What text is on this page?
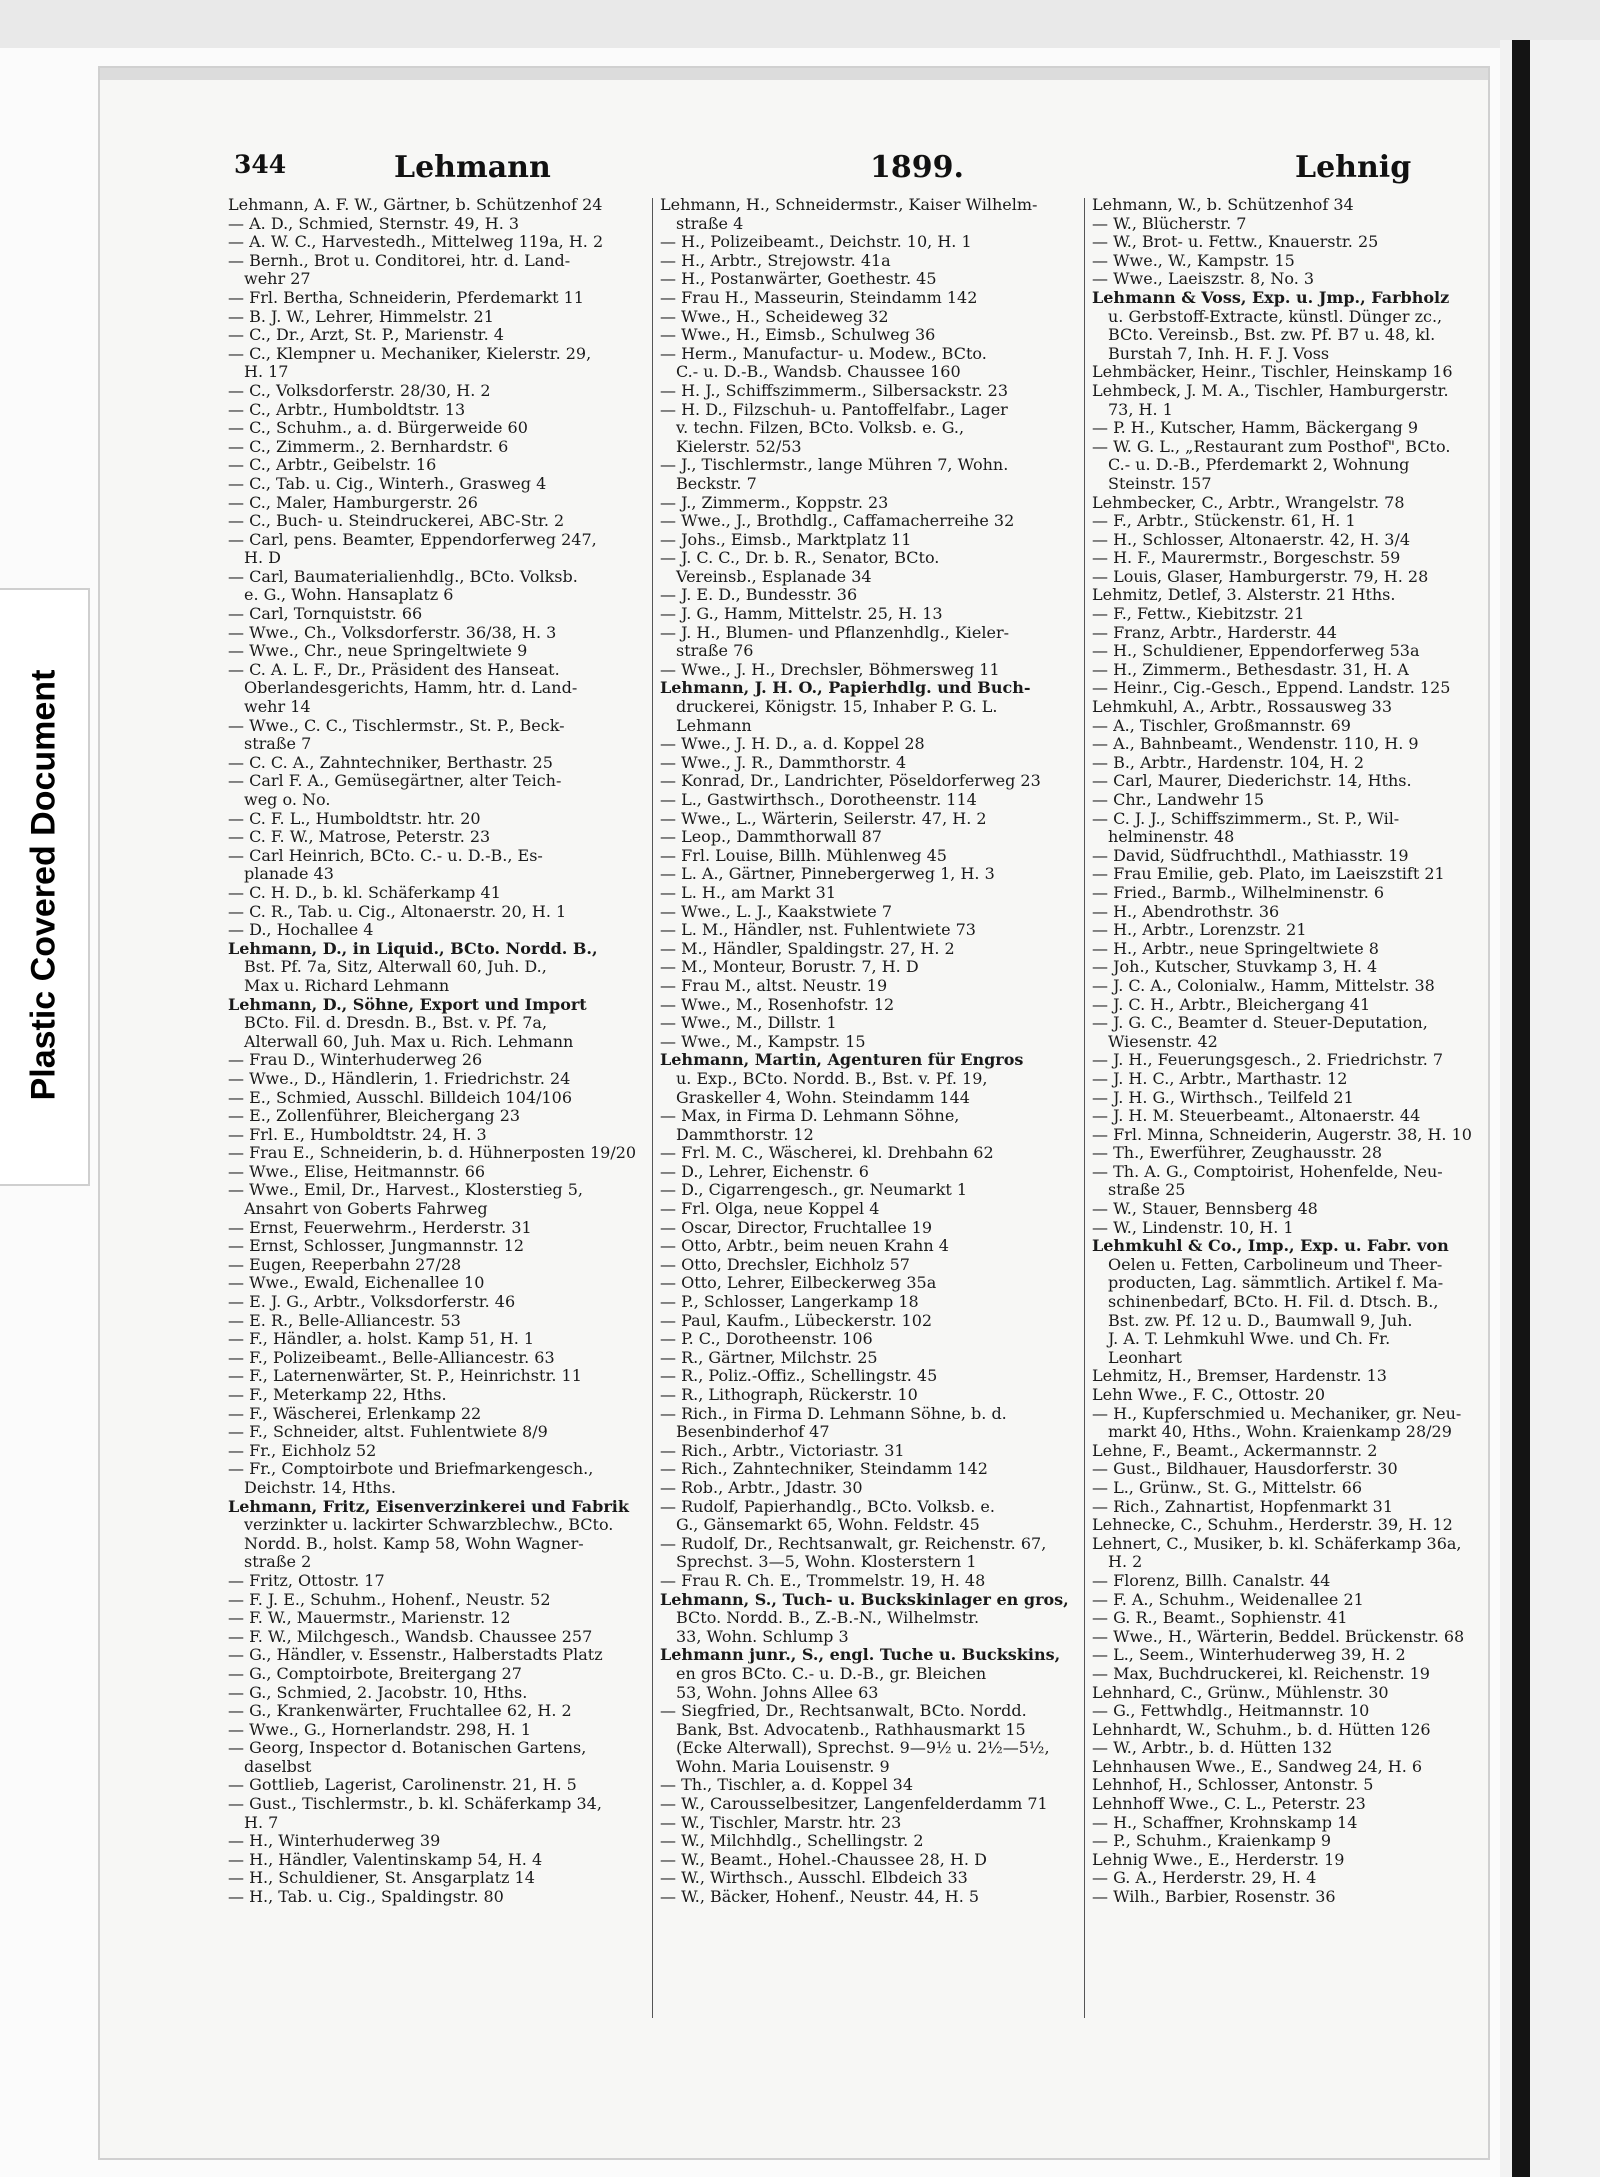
Plastic Covered Document
344	Lehmann	1899.	Lehnig
Lehmann, A. F. W., Gärtner, b. Schützenhof 24
— A. D., Schmied, Sternstr. 49, H. 3
— A. W. C., Harvestedh., Mittelweg 119a, H. 2
— Bernh., Brot u. Conditorei, htr. d. Land-
wehr 27
— Frl. Bertha, Schneiderin, Pferdemarkt 11
— B. J. W., Lehrer, Himmelstr. 21
— C., Dr., Arzt, St. P., Marienstr. 4
— C., Klempner u. Mechaniker, Kielerstr. 29,
H. 17
— C., Volksdorferstr. 28/30, H. 2
— C., Arbtr., Humboldtstr. 13
— C., Schuhm., a. d. Bürgerweide 60
— C., Zimmerm., 2. Bernhardstr. 6
— C., Arbtr., Geibelstr. 16
— C., Tab. u. Cig., Winterh., Grasweg 4
— C., Maler, Hamburgerstr. 26
— C., Buch- u. Steindruckerei, ABC-Str. 2
— Carl, pens. Beamter, Eppendorferweg 247,
H. D
— Carl, Baumaterialienhdlg., BCto. Volksb.
e. G., Wohn. Hansaplatz 6
— Carl, Tornquiststr. 66
— Wwe., Ch., Volksdorferstr. 36/38, H. 3
— Wwe., Chr., neue Springeltwiete 9
— C. A. L. F., Dr., Präsident des Hanseat.
Oberlandesgerichts, Hamm, htr. d. Land-
wehr 14
— Wwe., C. C., Tischlermstr., St. P., Beck-
straße 7
— C. C. A., Zahntechniker, Berthastr. 25
— Carl F. A., Gemüsegärtner, alter Teich-
weg o. No.
— C. F. L., Humboldtstr. htr. 20
— C. F. W., Matrose, Peterstr. 23
— Carl Heinrich, BCto. C.- u. D.-B., Es-
planade 43
— C. H. D., b. kl. Schäferkamp 41
— C. R., Tab. u. Cig., Altonaerstr. 20, H. 1
— D., Hochallee 4
Lehmann, D., in Liquid., BCto. Nordd. B.,
Bst. Pf. 7a, Sitz, Alterwall 60, Juh. D.,
Max u. Richard Lehmann
Lehmann, D., Söhne, Export und Import
BCto. Fil. d. Dresdn. B., Bst. v. Pf. 7a,
Alterwall 60, Juh. Max u. Rich. Lehmann
— Frau D., Winterhuderweg 26
— Wwe., D., Händlerin, 1. Friedrichstr. 24
— E., Schmied, Ausschl. Billdeich 104/106
— E., Zollenführer, Bleichergang 23
— Frl. E., Humboldtstr. 24, H. 3
— Frau E., Schneiderin, b. d. Hühnerposten 19/20
— Wwe., Elise, Heitmannstr. 66
— Wwe., Emil, Dr., Harvest., Klosterstieg 5,
Ansahrt von Goberts Fahrweg
— Ernst, Feuerwehrm., Herderstr. 31
— Ernst, Schlosser, Jungmannstr. 12
— Eugen, Reeperbahn 27/28
— Wwe., Ewald, Eichenallee 10
— E. J. G., Arbtr., Volksdorferstr. 46
— E. R., Belle-Alliancestr. 53
— F., Händler, a. holst. Kamp 51, H. 1
— F., Polizeibeamt., Belle-Alliancestr. 63
— F., Laternenwärter, St. P., Heinrichstr. 11
— F., Meterkamp 22, Hths.
— F., Wäscherei, Erlenkamp 22
— F., Schneider, altst. Fuhlentwiete 8/9
— Fr., Eichholz 52
— Fr., Comptoirbote und Briefmarkengesch.,
Deichstr. 14, Hths.
Lehmann, Fritz, Eisenverzinkerei und Fabrik
verzinkter u. lackirter Schwarzblechw., BCto.
Nordd. B., holst. Kamp 58, Wohn Wagner-
straße 2
— Fritz, Ottostr. 17
— F. J. E., Schuhm., Hohenf., Neustr. 52
— F. W., Mauermstr., Marienstr. 12
— F. W., Milchgesch., Wandsb. Chaussee 257
— G., Händler, v. Essenstr., Halberstadts Platz
— G., Comptoirbote, Breitergang 27
— G., Schmied, 2. Jacobstr. 10, Hths.
— G., Krankenwärter, Fruchtallee 62, H. 2
— Wwe., G., Hornerlandstr. 298, H. 1
— Georg, Inspector d. Botanischen Gartens,
daselbst
— Gottlieb, Lagerist, Carolinenstr. 21, H. 5
— Gust., Tischlermstr., b. kl. Schäferkamp 34,
H. 7
— H., Winterhuderweg 39
— H., Händler, Valentinskamp 54, H. 4
— H., Schuldiener, St. Ansgarplatz 14
— H., Tab. u. Cig., Spaldingstr. 80
Lehmann, H., Schneidermstr., Kaiser Wilhelm-
straße 4
— H., Polizeibeamt., Deichstr. 10, H. 1
— H., Arbtr., Strejowstr. 41a
— H., Postanwärter, Goethestr. 45
— Frau H., Masseurin, Steindamm 142
— Wwe., H., Scheideweg 32
— Wwe., H., Eimsb., Schulweg 36
— Herm., Manufactur- u. Modew., BCto.
C.- u. D.-B., Wandsb. Chaussee 160
— H. J., Schiffszimmerm., Silbersackstr. 23
— H. D., Filzschuh- u. Pantoffelfabr., Lager
v. techn. Filzen, BCto. Volksb. e. G.,
Kielerstr. 52/53
— J., Tischlermstr., lange Mühren 7, Wohn.
Beckstr. 7
— J., Zimmerm., Koppstr. 23
— Wwe., J., Brothdlg., Caffamacherreihe 32
— Johs., Eimsb., Marktplatz 11
— J. C. C., Dr. b. R., Senator, BCto.
Vereinsb., Esplanade 34
— J. E. D., Bundesstr. 36
— J. G., Hamm, Mittelstr. 25, H. 13
— J. H., Blumen- und Pflanzenhdlg., Kieler-
straße 76
— Wwe., J. H., Drechsler, Böhmersweg 11
Lehmann, J. H. O., Papierhdlg. und Buch-
druckerei, Königstr. 15, Inhaber P. G. L.
Lehmann
— Wwe., J. H. D., a. d. Koppel 28
— Wwe., J. R., Dammthorstr. 4
— Konrad, Dr., Landrichter, Pöseldorferweg 23
— L., Gastwirthsch., Dorotheenstr. 114
— Wwe., L., Wärterin, Seilerstr. 47, H. 2
— Leop., Dammthorwall 87
— Frl. Louise, Billh. Mühlenweg 45
— L. A., Gärtner, Pinnebergerweg 1, H. 3
— L. H., am Markt 31
— Wwe., L. J., Kaakstwiete 7
— L. M., Händler, nst. Fuhlentwiete 73
— M., Händler, Spaldingstr. 27, H. 2
— M., Monteur, Borustr. 7, H. D
— Frau M., altst. Neustr. 19
— Wwe., M., Rosenhofstr. 12
— Wwe., M., Dillstr. 1
— Wwe., M., Kampstr. 15
Lehmann, Martin, Agenturen für Engros
u. Exp., BCto. Nordd. B., Bst. v. Pf. 19,
Graskeller 4, Wohn. Steindamm 144
— Max, in Firma D. Lehmann Söhne,
Dammthorstr. 12
— Frl. M. C., Wäscherei, kl. Drehbahn 62
— D., Lehrer, Eichenstr. 6
— D., Cigarrengesch., gr. Neumarkt 1
— Frl. Olga, neue Koppel 4
— Oscar, Director, Fruchtallee 19
— Otto, Arbtr., beim neuen Krahn 4
— Otto, Drechsler, Eichholz 57
— Otto, Lehrer, Eilbeckerweg 35a
— P., Schlosser, Langerkamp 18
— Paul, Kaufm., Lübeckerstr. 102
— P. C., Dorotheenstr. 106
— R., Gärtner, Milchstr. 25
— R., Poliz.-Offiz., Schellingstr. 45
— R., Lithograph, Rückerstr. 10
— Rich., in Firma D. Lehmann Söhne, b. d.
Besenbinderhof 47
— Rich., Arbtr., Victoriastr. 31
— Rich., Zahntechniker, Steindamm 142
— Rob., Arbtr., Jdastr. 30
— Rudolf, Papierhandlg., BCto. Volksb. e.
G., Gänsemarkt 65, Wohn. Feldstr. 45
— Rudolf, Dr., Rechtsanwalt, gr. Reichenstr. 67,
Sprechst. 3—5, Wohn. Klosterstern 1
— Frau R. Ch. E., Trommelstr. 19, H. 48
Lehmann, S., Tuch- u. Buckskinlager en gros,
BCto. Nordd. B., Z.-B.-N., Wilhelmstr.
33, Wohn. Schlump 3
Lehmann junr., S., engl. Tuche u. Buckskins,
en gros BCto. C.- u. D.-B., gr. Bleichen
53, Wohn. Johns Allee 63
— Siegfried, Dr., Rechtsanwalt, BCto. Nordd.
Bank, Bst. Advocatenb., Rathhausmarkt 15
(Ecke Alterwall), Sprechst. 9—9½ u. 2½—5½,
Wohn. Maria Louisenstr. 9
— Th., Tischler, a. d. Koppel 34
— W., Carousselbesitzer, Langenfelderdamm 71
— W., Tischler, Marstr. htr. 23
— W., Milchhdlg., Schellingstr. 2
— W., Beamt., Hohel.-Chaussee 28, H. D
— W., Wirthsch., Ausschl. Elbdeich 33
— W., Bäcker, Hohenf., Neustr. 44, H. 5
Lehmann, W., b. Schützenhof 34
— W., Blücherstr. 7
— W., Brot- u. Fettw., Knauerstr. 25
— Wwe., W., Kampstr. 15
— Wwe., Laeiszstr. 8, No. 3
Lehmann & Voss, Exp. u. Jmp., Farbholz
u. Gerbstoff-Extracte, künstl. Dünger zc.,
BCto. Vereinsb., Bst. zw. Pf. B7 u. 48, kl.
Burstah 7, Inh. H. F. J. Voss
Lehmbäcker, Heinr., Tischler, Heinskamp 16
Lehmbeck, J. M. A., Tischler, Hamburgerstr.
73, H. 1
— P. H., Kutscher, Hamm, Bäckergang 9
— W. G. L., „Restaurant zum Posthof", BCto.
C.- u. D.-B., Pferdemarkt 2, Wohnung
Steinstr. 157
Lehmbecker, C., Arbtr., Wrangelstr. 78
— F., Arbtr., Stückenstr. 61, H. 1
— H., Schlosser, Altonaerstr. 42, H. 3/4
— H. F., Maurermstr., Borgeschstr. 59
— Louis, Glaser, Hamburgerstr. 79, H. 28
Lehmitz, Detlef, 3. Alsterstr. 21 Hths.
— F., Fettw., Kiebitzstr. 21
— Franz, Arbtr., Harderstr. 44
— H., Schuldiener, Eppendorferweg 53a
— H., Zimmerm., Bethesdastr. 31, H. A
— Heinr., Cig.-Gesch., Eppend. Landstr. 125
Lehmkuhl, A., Arbtr., Rossausweg 33
— A., Tischler, Großmannstr. 69
— A., Bahnbeamt., Wendenstr. 110, H. 9
— B., Arbtr., Hardenstr. 104, H. 2
— Carl, Maurer, Diederichstr. 14, Hths.
— Chr., Landwehr 15
— C. J. J., Schiffszimmerm., St. P., Wil-
helminenstr. 48
— David, Südfruchthdl., Mathiasstr. 19
— Frau Emilie, geb. Plato, im Laeiszstift 21
— Fried., Barmb., Wilhelminenstr. 6
— H., Abendrothstr. 36
— H., Arbtr., Lorenzstr. 21
— H., Arbtr., neue Springeltwiete 8
— Joh., Kutscher, Stuvkamp 3, H. 4
— J. C. A., Colonialw., Hamm, Mittelstr. 38
— J. C. H., Arbtr., Bleichergang 41
— J. G. C., Beamter d. Steuer-Deputation,
Wiesenstr. 42
— J. H., Feuerungsgesch., 2. Friedrichstr. 7
— J. H. C., Arbtr., Marthastr. 12
— J. H. G., Wirthsch., Teilfeld 21
— J. H. M. Steuerbeamt., Altonaerstr. 44
— Frl. Minna, Schneiderin, Augerstr. 38, H. 10
— Th., Ewerführer, Zeughausstr. 28
— Th. A. G., Comptoirist, Hohenfelde, Neu-
straße 25
— W., Stauer, Bennsberg 48
— W., Lindenstr. 10, H. 1
Lehmkuhl & Co., Imp., Exp. u. Fabr. von
Oelen u. Fetten, Carbolineum und Theer-
producten, Lag. sämmtlich. Artikel f. Ma-
schinenbedarf, BCto. H. Fil. d. Dtsch. B.,
Bst. zw. Pf. 12 u. D., Baumwall 9, Juh.
J. A. T. Lehmkuhl Wwe. und Ch. Fr.
Leonhart
Lehmitz, H., Bremser, Hardenstr. 13
Lehn Wwe., F. C., Ottostr. 20
— H., Kupferschmied u. Mechaniker, gr. Neu-
markt 40, Hths., Wohn. Kraienkamp 28/29
Lehne, F., Beamt., Ackermannstr. 2
— Gust., Bildhauer, Hausdorferstr. 30
— L., Grünw., St. G., Mittelstr. 66
— Rich., Zahnartist, Hopfenmarkt 31
Lehnecke, C., Schuhm., Herderstr. 39, H. 12
Lehnert, C., Musiker, b. kl. Schäferkamp 36a,
H. 2
— Florenz, Billh. Canalstr. 44
— F. A., Schuhm., Weidenallee 21
— G. R., Beamt., Sophienstr. 41
— Wwe., H., Wärterin, Beddel. Brückenstr. 68
— L., Seem., Winterhuderweg 39, H. 2
— Max, Buchdruckerei, kl. Reichenstr. 19
Lehnhard, C., Grünw., Mühlenstr. 30
— G., Fettwhdlg., Heitmannstr. 10
Lehnhardt, W., Schuhm., b. d. Hütten 126
— W., Arbtr., b. d. Hütten 132
Lehnhausen Wwe., E., Sandweg 24, H. 6
Lehnhof, H., Schlosser, Antonstr. 5
Lehnhoff Wwe., C. L., Peterstr. 23
— H., Schaffner, Krohnskamp 14
— P., Schuhm., Kraienkamp 9
Lehnig Wwe., E., Herderstr. 19
— G. A., Herderstr. 29, H. 4
— Wilh., Barbier, Rosenstr. 36
